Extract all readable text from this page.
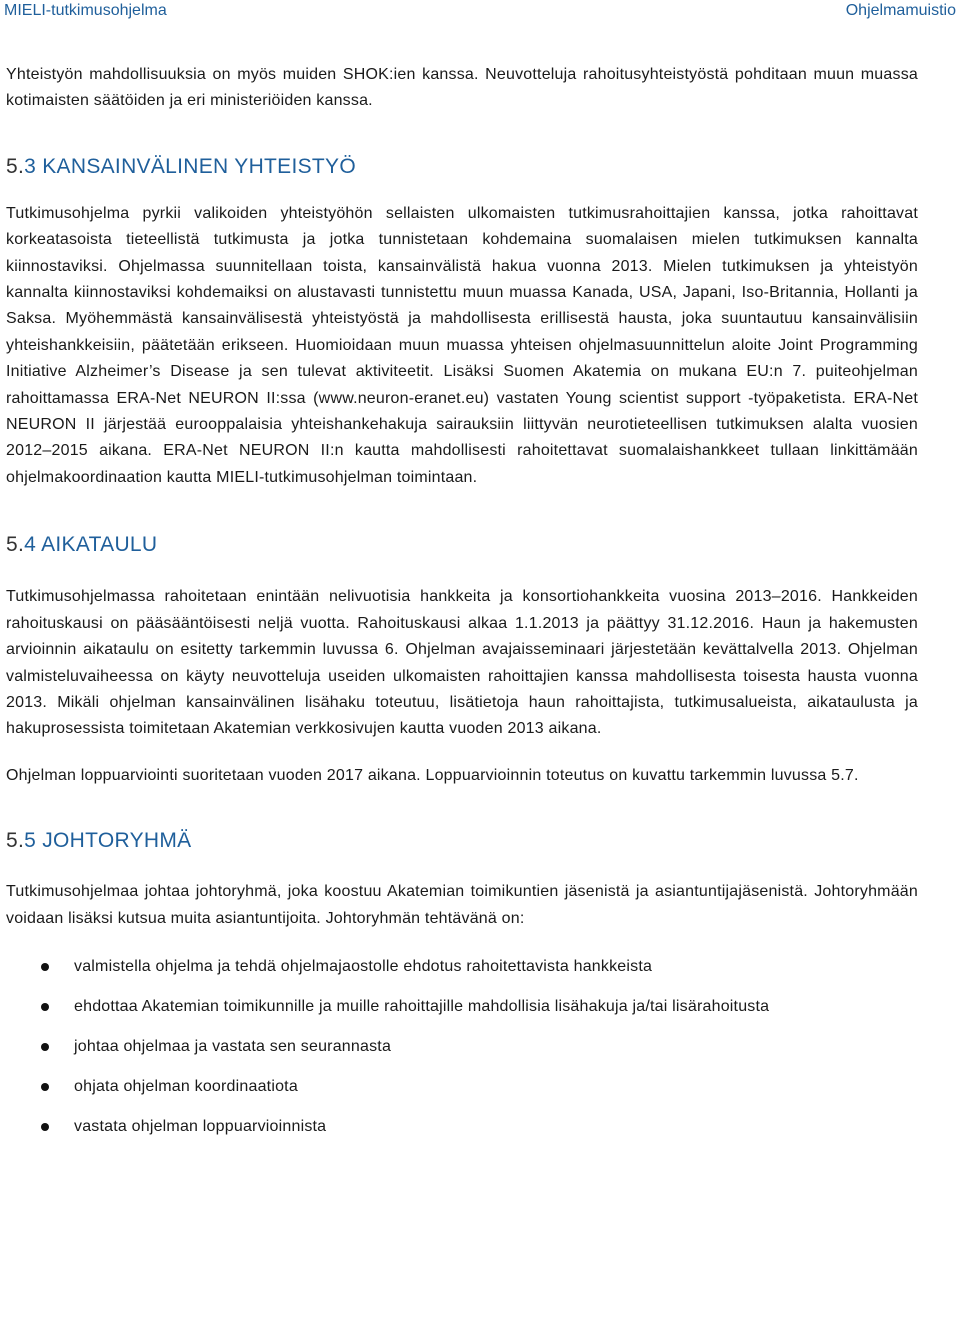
MIELI-tutkimusohjelma	Ohjelmamuistio

Yhteistyön mahdollisuuksia on myös muiden SHOK:ien kanssa. Neuvotteluja rahoitusyhteistyöstä pohditaan muun muassa kotimaisten säätöiden ja eri ministeriöiden kanssa.

5.3 KANSAINVÄLINEN YHTEISTYÖ

Tutkimusohjelma pyrkii valikoiden yhteistyöhön sellaisten ulkomaisten tutkimusrahoittajien kanssa, jotka rahoittavat korkeatasoista tieteellistä tutkimusta ja jotka tunnistetaan kohdemaina suomalaisen mielen tutkimuksen kannalta kiinnostaviksi. Ohjelmassa suunnitellaan toista, kansainvälistä hakua vuonna 2013. Mielen tutkimuksen ja yhteistyön kannalta kiinnostaviksi kohdemaiksi on alustavasti tunnistettu muun muassa Kanada, USA, Japani, Iso-Britannia, Hollanti ja Saksa. Myöhemmästä kansainvälisestä yhteistyöstä ja mahdollisesta erillisestä hausta, joka suuntautuu kansainvälisiin yhteishankkeisiin, päätetään erikseen. Huomioidaan muun muassa yhteisen ohjelmasuunnittelun aloite Joint Programming Initiative Alzheimer’s Disease ja sen tulevat aktiviteetit. Lisäksi Suomen Akatemia on mukana EU:n 7. puiteohjelman rahoittamassa ERA-Net NEURON II:ssa (www.neuron-eranet.eu) vastaten Young scientist support -työpaketista. ERA-Net NEURON II järjestää eurooppalaisia yhteishankehakuja sairauksiin liittyvän neurotieteellisen tutkimuksen alalta vuosien 2012–2015 aikana. ERA-Net NEURON II:n kautta mahdollisesti rahoitettavat suomalaishankkeet tullaan linkittämään ohjelmakoordinaation kautta MIELI-tutkimusohjelman toimintaan.

5.4 AIKATAULU

Tutkimusohjelmassa rahoitetaan enintään nelivuotisia hankkeita ja konsortiohankkeita vuosina 2013–2016. Hankkeiden rahoituskausi on pääsääntöisesti neljä vuotta. Rahoituskausi alkaa 1.1.2013 ja päättyy 31.12.2016. Haun ja hakemusten arvioinnin aikataulu on esitetty tarkemmin luvussa 6. Ohjelman avajaisseminaari järjestetään kevättalvella 2013. Ohjelman valmisteluvaiheessa on käyty neuvotteluja useiden ulkomaisten rahoittajien kanssa mahdollisesta toisesta hausta vuonna 2013. Mikäli ohjelman kansainvälinen lisähaku toteutuu, lisätietoja haun rahoittajista, tutkimusalueista, aikataulusta ja hakuprosessista toimitetaan Akatemian verkkosivujen kautta vuoden 2013 aikana.

Ohjelman loppuarviointi suoritetaan vuoden 2017 aikana. Loppuarvioinnin toteutus on kuvattu tarkemmin luvussa 5.7.

5.5 JOHTORYHMÄ

Tutkimusohjelmaa johtaa johtoryhmä, joka koostuu Akatemian toimikuntien jäsenistä ja asiantuntijajäsenistä. Johtoryhmään voidaan lisäksi kutsua muita asiantuntijoita. Johtoryhmän tehtävänä on:

valmistella ohjelma ja tehdä ohjelmajaostolle ehdotus rahoitettavista hankkeista
ehdottaa Akatemian toimikunnille ja muille rahoittajille mahdollisia lisähakuja ja/tai lisärahoitusta
johtaa ohjelmaa ja vastata sen seurannasta
ohjata ohjelman koordinaatiota
vastata ohjelman loppuarvioinnista
